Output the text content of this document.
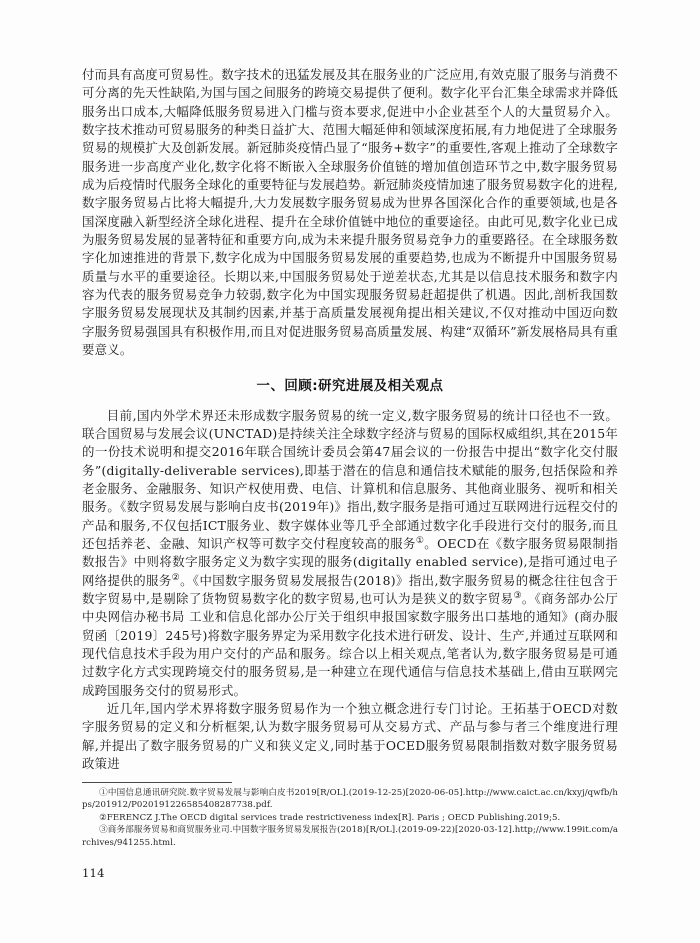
付而具有高度可贸易性。数字技术的迅猛发展及其在服务业的广泛应用,有效克服了服务与消费不可分离的先天性缺陷,为国与国之间服务的跨境交易提供了便利。数字化平台汇集全球需求并降低服务出口成本,大幅降低服务贸易进入门槛与资本要求,促进中小企业甚至个人的大量贸易介入。数字技术推动可贸易服务的种类日益扩大、范围大幅延伸和领域深度拓展,有力地促进了全球服务贸易的规模扩大及创新发展。新冠肺炎疫情凸显了“服务+数字”的重要性,客观上推动了全球数字服务进一步高度产业化,数字化将不断嵌入全球服务价值链的增加值创造环节之中,数字服务贸易成为后疫情时代服务全球化的重要特征与发展趋势。新冠肺炎疫情加速了服务贸易数字化的进程,数字服务贸易占比将大幅提升,大力发展数字服务贸易成为世界各国深化合作的重要领域,也是各国深度融入新型经济全球化进程、提升在全球价值链中地位的重要途径。由此可见,数字化业已成为服务贸易发展的显著特征和重要方向,成为未来提升服务贸易竞争力的重要路径。在全球服务数字化加速推进的背景下,数字化成为中国服务贸易发展的重要趋势,也成为不断提升中国服务贸易质量与水平的重要途径。长期以来,中国服务贸易处于逆差状态,尤其是以信息技术服务和数字内容为代表的服务贸易竞争力较弱,数字化为中国实现服务贸易赶超提供了机遇。因此,剖析我国数字服务贸易发展现状及其制约因素,并基于高质量发展视角提出相关建议,不仅对推动中国迈向数字服务贸易强国具有积极作用,而且对促进服务贸易高质量发展、构建“双循环”新发展格局具有重要意义。

一、回顾:研究进展及相关观点

目前,国内外学术界还未形成数字服务贸易的统一定义,数字服务贸易的统计口径也不一致。联合国贸易与发展会议(UNCTAD)是持续关注全球数字经济与贸易的国际权威组织,其在2015年的一份技术说明和提交2016年联合国统计委员会第47届会议的一份报告中提出“数字化交付服务”(digitally-deliverable services),即基于潜在的信息和通信技术赋能的服务,包括保险和养老金服务、金融服务、知识产权使用费、电信、计算机和信息服务、其他商业服务、视听和相关服务。《数字贸易发展与影响白皮书(2019年)》指出,数字服务是指可通过互联网进行远程交付的产品和服务,不仅包括ICT服务业、数字媒体业等几乎全部通过数字化手段进行交付的服务,而且还包括养老、金融、知识产权等可数字交付程度较高的服务①。OECD在《数字服务贸易限制指数报告》中则将数字服务定义为数字实现的服务(digitally enabled service),是指可通过电子网络提供的服务②。《中国数字服务贸易发展报告(2018)》指出,数字服务贸易的概念往往包含于数字贸易中,是剔除了货物贸易数字化的数字贸易,也可认为是狭义的数字贸易③。《商务部办公厅 中央网信办秘书局 工业和信息化部办公厅关于组织申报国家数字服务出口基地的通知》(商办服贸函〔2019〕245号)将数字服务界定为采用数字化技术进行研发、设计、生产,并通过互联网和现代信息技术手段为用户交付的产品和服务。综合以上相关观点,笔者认为,数字服务贸易是可通过数字化方式实现跨境交付的服务贸易,是一种建立在现代通信与信息技术基础上,借由互联网完成跨国服务交付的贸易形式。

近几年,国内学术界将数字服务贸易作为一个独立概念进行专门讨论。王拓基于OECD对数字服务贸易的定义和分析框架,认为数字服务贸易可从交易方式、产品与参与者三个维度进行理解,并提出了数字服务贸易的广义和狭义定义,同时基于OCED服务贸易限制指数对数字服务贸易政策进

①中国信息通讯研究院.数字贸易发展与影响白皮书2019[R/OL].(2019-12-25)[2020-06-05].http://www.caict.ac.cn/kxyj/qwfb/hps/201912/P020191226585408287738.pdf.

②FERENCZ J.The OECD digital services trade restrictiveness index[R]. Paris ; OECD Publishing.2019;5.

③商务部服务贸易和商贸服务业司.中国数字服务贸易发展报告(2018)[R/OL].(2019-09-22)[2020-03-12].http;//www.199it.com/archives/941255.html.

114
